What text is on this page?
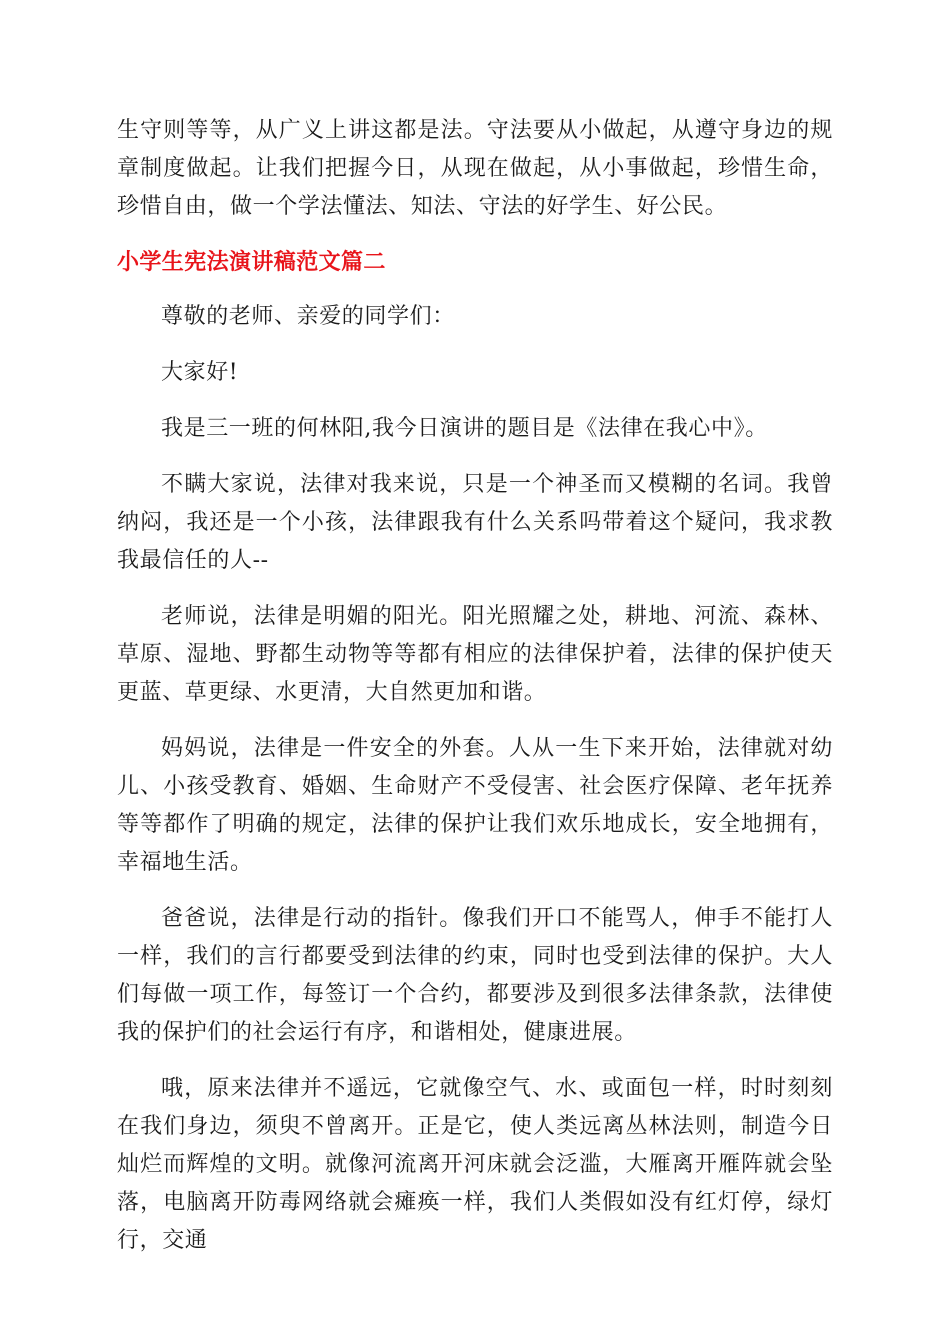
生守则等等，从广义上讲这都是法。守法要从小做起，从遵守身边的规章制度做起。让我们把握今日，从现在做起，从小事做起，珍惜生命，珍惜自由，做一个学法懂法、知法、守法的好学生、好公民。

小学生宪法演讲稿范文篇二

尊敬的老师、亲爱的同学们：

大家好!

我是三一班的何林阳,我今日演讲的题目是《法律在我心中》。

不瞒大家说，法律对我来说，只是一个神圣而又模糊的名词。我曾纳闷，我还是一个小孩，法律跟我有什么关系吗带着这个疑问，我求教我最信任的人--

老师说，法律是明媚的阳光。阳光照耀之处，耕地、河流、森林、草原、湿地、野都生动物等等都有相应的法律保护着，法律的保护使天更蓝、草更绿、水更清，大自然更加和谐。

妈妈说，法律是一件安全的外套。人从一生下来开始，法律就对幼儿、小孩受教育、婚姻、生命财产不受侵害、社会医疗保障、老年抚养等等都作了明确的规定，法律的保护让我们欢乐地成长，安全地拥有，幸福地生活。

爸爸说，法律是行动的指针。像我们开口不能骂人，伸手不能打人一样，我们的言行都要受到法律的约束，同时也受到法律的保护。大人们每做一项工作，每签订一个合约，都要涉及到很多法律条款，法律使我的保护们的社会运行有序，和谐相处，健康进展。

哦，原来法律并不遥远，它就像空气、水、或面包一样，时时刻刻在我们身边，须臾不曾离开。正是它，使人类远离丛林法则，制造今日灿烂而辉煌的文明。就像河流离开河床就会泛滥，大雁离开雁阵就会坠落，电脑离开防毒网络就会瘫痪一样，我们人类假如没有红灯停，绿灯行，交通
